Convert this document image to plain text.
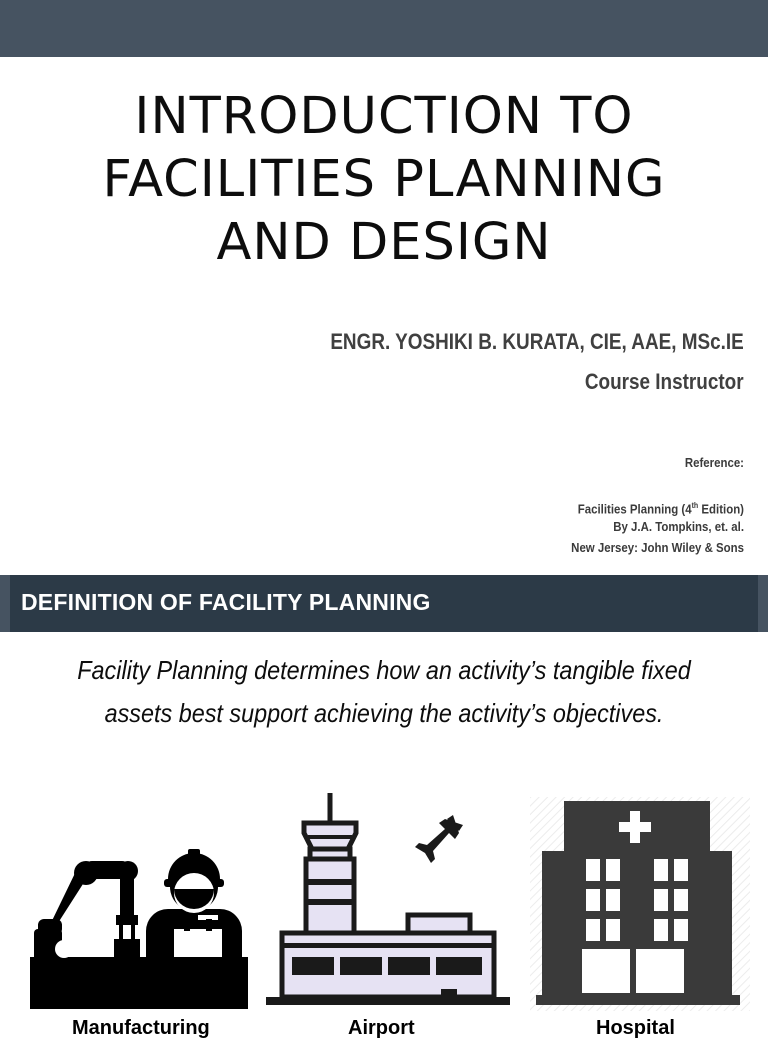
INTRODUCTION TO
FACILITIES PLANNING
AND DESIGN
ENGR. YOSHIKI B. KURATA, CIE, AAE, MSc.IE
Course Instructor
Reference:
Facilities Planning (4th Edition)
By J.A. Tompkins, et. al.
New Jersey: John Wiley & Sons
DEFINITION OF FACILITY PLANNING
Facility Planning determines how an activity’s tangible fixed assets best support achieving the activity’s objectives.
Manufacturing	Airport	Hospital
